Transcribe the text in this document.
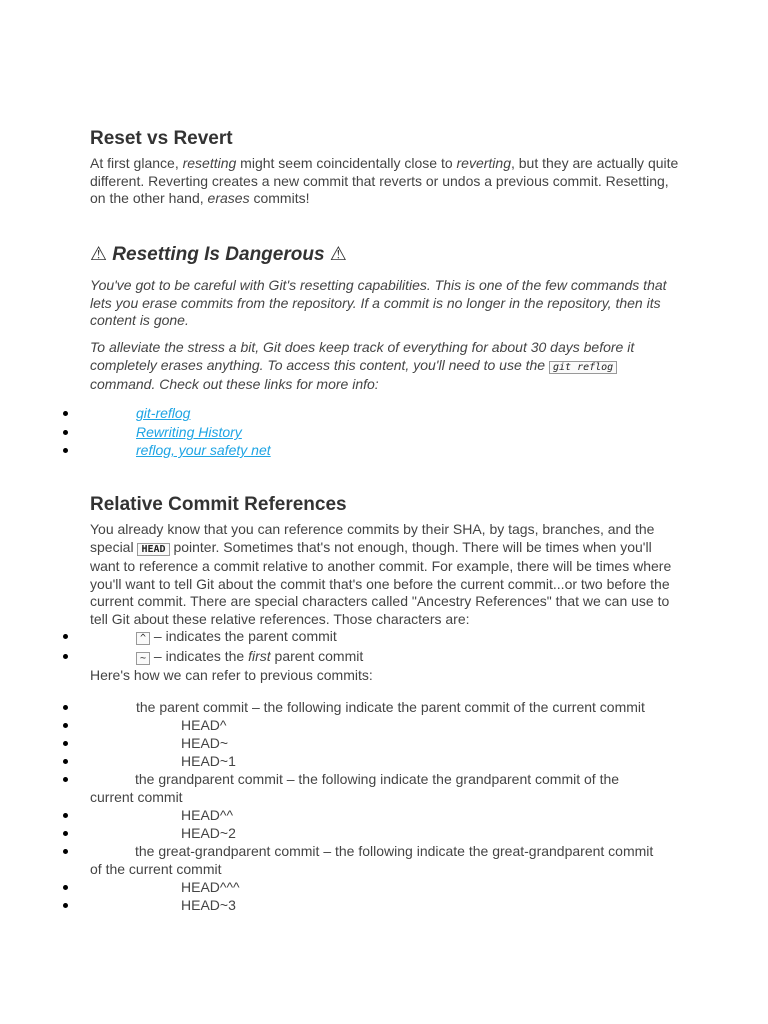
Reset vs Revert

At first glance, resetting might seem coincidentally close to reverting, but they are actually quite different. Reverting creates a new commit that reverts or undos a previous commit. Resetting, on the other hand, erases commits!

⚠ Resetting Is Dangerous ⚠

You've got to be careful with Git's resetting capabilities. This is one of the few commands that lets you erase commits from the repository. If a commit is no longer in the repository, then its content is gone.

To alleviate the stress a bit, Git does keep track of everything for about 30 days before it completely erases anything. To access this content, you'll need to use the git reflog command. Check out these links for more info:

git-reflog
Rewriting History
reflog, your safety net
Relative Commit References

You already know that you can reference commits by their SHA, by tags, branches, and the special HEAD pointer. Sometimes that's not enough, though. There will be times when you'll want to reference a commit relative to another commit. For example, there will be times where you'll want to tell Git about the commit that's one before the current commit...or two before the current commit. There are special characters called "Ancestry References" that we can use to tell Git about these relative references. Those characters are:

^ – indicates the parent commit
~ – indicates the first parent commit

Here's how we can refer to previous commits:

the parent commit – the following indicate the parent commit of the current commit
HEAD^
HEAD~
HEAD~1
the grandparent commit – the following indicate the grandparent commit of the
current commit
HEAD^^
HEAD~2
the great-grandparent commit – the following indicate the great-grandparent commit
of the current commit
HEAD^^^
HEAD~3
